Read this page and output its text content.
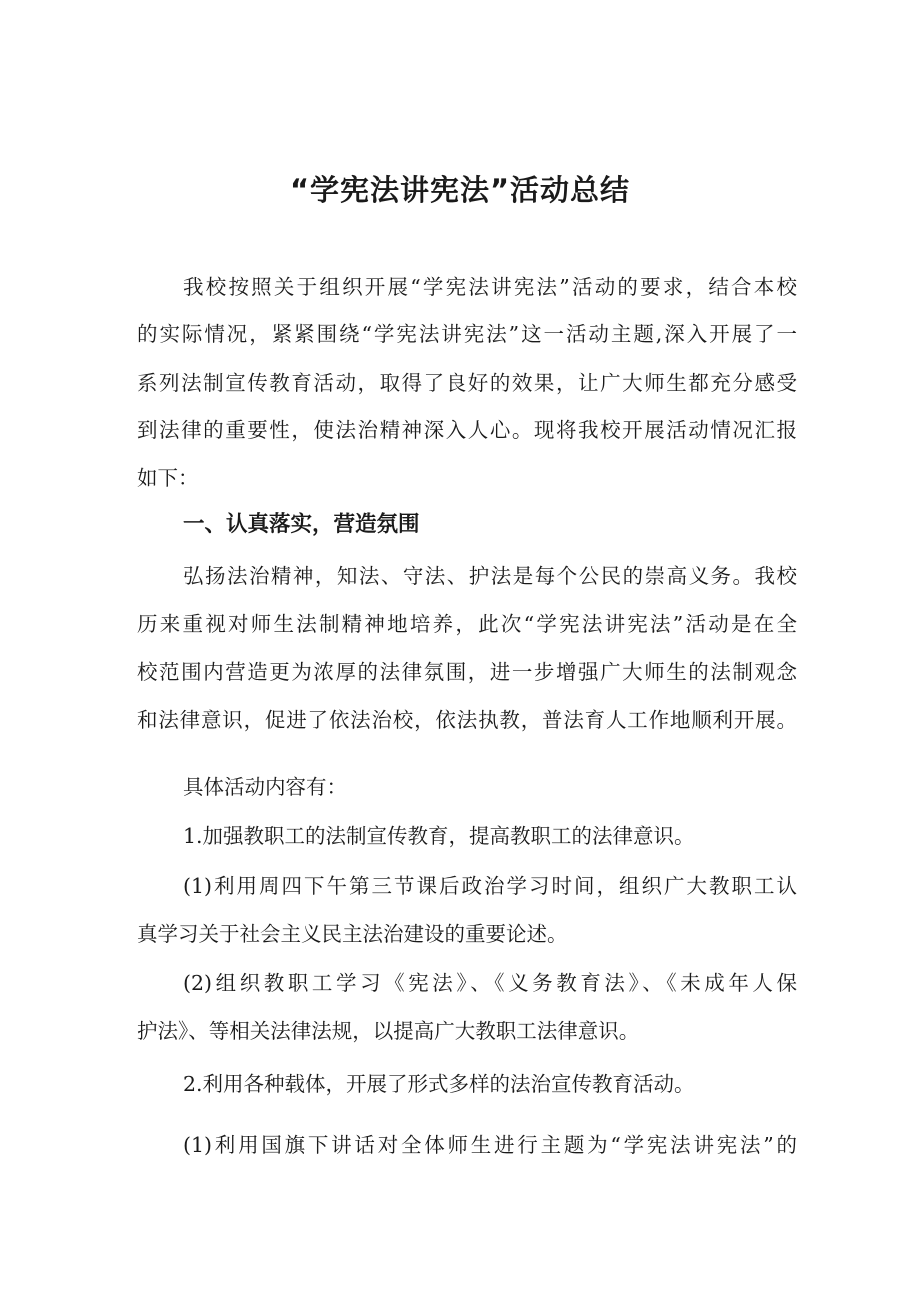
“学宪法讲宪法”活动总结

我校按照关于组织开展“学宪法讲宪法”活动的要求，结合本校

的实际情况，紧紧围绕“学宪法讲宪法”这一活动主题,深入开展了一

系列法制宣传教育活动，取得了良好的效果，让广大师生都充分感受

到法律的重要性，使法治精神深入人心。现将我校开展活动情况汇报

如下：

一、认真落实，营造氛围

弘扬法治精神，知法、守法、护法是每个公民的崇高义务。我校

历来重视对师生法制精神地培养，此次“学宪法讲宪法”活动是在全

校范围内营造更为浓厚的法律氛围，进一步增强广大师生的法制观念

和法律意识，促进了依法治校，依法执教，普法育人工作地顺利开展。

具体活动内容有：

1.加强教职工的法制宣传教育，提高教职工的法律意识。

(1)利用周四下午第三节课后政治学习时间，组织广大教职工认

真学习关于社会主义民主法治建设的重要论述。

(2)组织教职工学习《宪法》、《义务教育法》、《未成年人保

护法》、等相关法律法规，以提高广大教职工法律意识。

2.利用各种载体，开展了形式多样的法治宣传教育活动。

(1)利用国旗下讲话对全体师生进行主题为“学宪法讲宪法”的
